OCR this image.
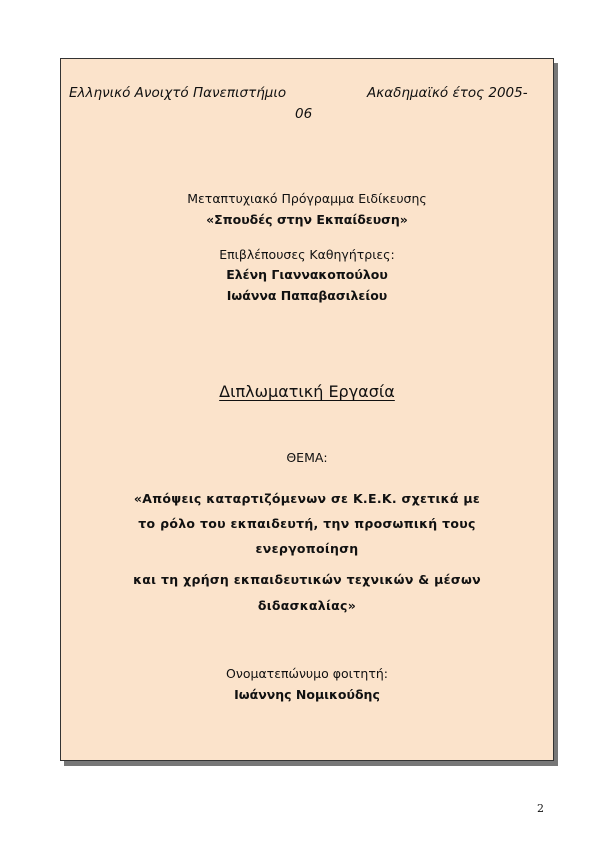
Ελληνικό Ανοιχτό Πανεπιστήμιο	Ακαδημαϊκό έτος 2005-
06
Μεταπτυχιακό Πρόγραμμα Ειδίκευσης
«Σπουδές στην Εκπαίδευση»
Επιβλέπουσες Καθηγήτριες:
Ελένη Γιαννακοπούλου
Ιωάννα Παπαβασιλείου
Διπλωματική Εργασία
ΘΕΜΑ:
«Απόψεις καταρτιζόμενων σε Κ.Ε.Κ. σχετικά με
το ρόλο του εκπαιδευτή, την προσωπική τους
ενεργοποίηση
και τη χρήση εκπαιδευτικών τεχνικών & μέσων
διδασκαλίας»
Ονοματεπώνυμο φοιτητή:
Ιωάννης Νομικούδης
2
